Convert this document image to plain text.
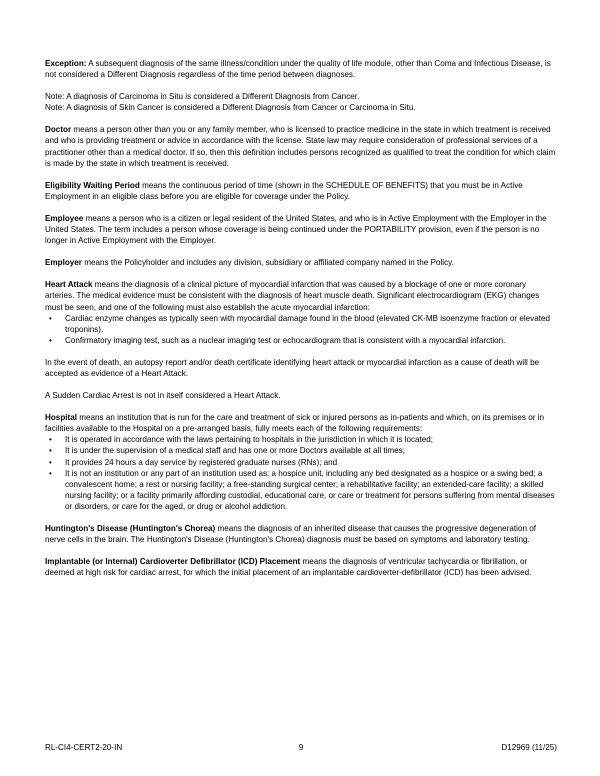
Exception: A subsequent diagnosis of the same illness/condition under the quality of life module, other than Coma and Infectious Disease, is not considered a Different Diagnosis regardless of the time period between diagnoses.

Note: A diagnosis of Carcinoma in Situ is considered a Different Diagnosis from Cancer.

Note: A diagnosis of Skin Cancer is considered a Different Diagnosis from Cancer or Carcinoma in Situ.

Doctor means a person other than you or any family member, who is licensed to practice medicine in the state in which treatment is received and who is providing treatment or advice in accordance with the license. State law may require consideration of professional services of a practitioner other than a medical doctor. If so, then this definition includes persons recognized as qualified to treat the condition for which claim is made by the state in which treatment is received.

Eligibility Waiting Period means the continuous period of time (shown in the SCHEDULE OF BENEFITS) that you must be in Active Employment in an eligible class before you are eligible for coverage under the Policy.

Employee means a person who is a citizen or legal resident of the United States, and who is in Active Employment with the Employer in the United States. The term includes a person whose coverage is being continued under the PORTABILITY provision, even if the person is no longer in Active Employment with the Employer.

Employer means the Policyholder and includes any division, subsidiary or affiliated company named in the Policy.

Heart Attack means the diagnosis of a clinical picture of myocardial infarction that was caused by a blockage of one or more coronary arteries. The medical evidence must be consistent with the diagnosis of heart muscle death. Significant electrocardiogram (EKG) changes must be seen, and one of the following must also establish the acute myocardial infarction:

• Cardiac enzyme changes as typically seen with myocardial damage found in the blood (elevated CK-MB isoenzyme fraction or elevated troponins).
• Confirmatory imaging test, such as a nuclear imaging test or echocardiogram that is consistent with a myocardial infarction.

In the event of death, an autopsy report and/or death certificate identifying heart attack or myocardial infarction as a cause of death will be accepted as evidence of a Heart Attack.

A Sudden Cardiac Arrest is not in itself considered a Heart Attack.

Hospital means an institution that is run for the care and treatment of sick or injured persons as in-patients and which, on its premises or in facilities available to the Hospital on a pre-arranged basis, fully meets each of the following requirements:

• It is operated in accordance with the laws pertaining to hospitals in the jurisdiction in which it is located;
• It is under the supervision of a medical staff and has one or more Doctors available at all times;
• It provides 24 hours a day service by registered graduate nurses (RNs); and
• It is not an institution or any part of an institution used as: a hospice unit, including any bed designated as a hospice or a swing bed; a convalescent home; a rest or nursing facility; a free-standing surgical center; a rehabilitative facility; an extended-care facility; a skilled nursing facility; or a facility primarily affording custodial, educational care, or care or treatment for persons suffering from mental diseases or disorders, or care for the aged, or drug or alcohol addiction.

Huntington's Disease (Huntington's Chorea) means the diagnosis of an inherited disease that causes the progressive degeneration of nerve cells in the brain. The Huntington's Disease (Huntington's Chorea) diagnosis must be based on symptoms and laboratory testing.

Implantable (or Internal) Cardioverter Defibrillator (ICD) Placement means the diagnosis of ventricular tachycardia or fibrillation, or deemed at high risk for cardiac arrest, for which the initial placement of an implantable cardioverter-defibrillator (ICD) has been advised.

RL-CI4-CERT2-20-IN	9	D12969 (11/25)
